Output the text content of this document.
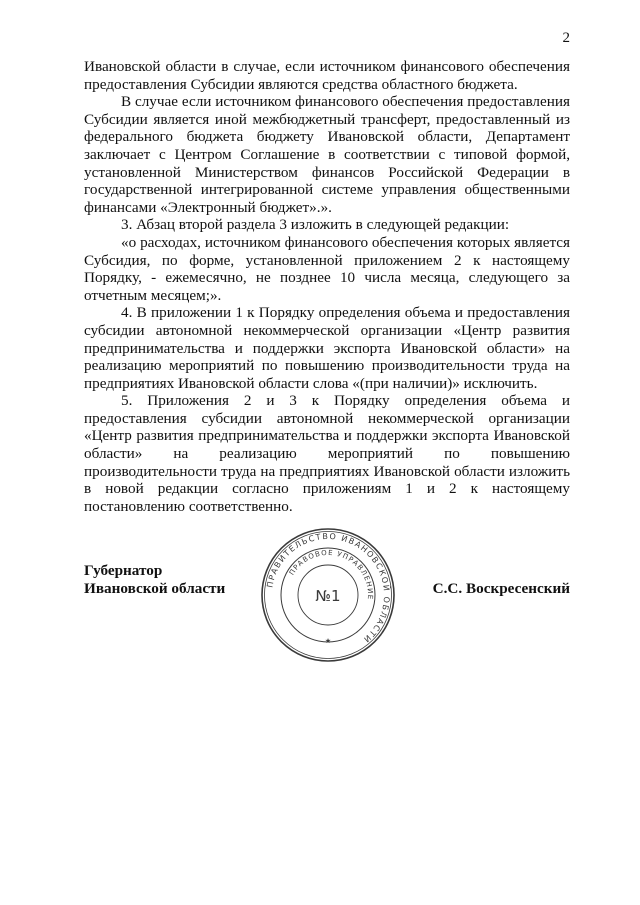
2

Ивановской области в случае, если источником финансового обеспечения предоставления Субсидии являются средства областного бюджета.

В случае если источником финансового обеспечения предоставления Субсидии является иной межбюджетный трансферт, предоставленный из федерального бюджета бюджету Ивановской области, Департамент заключает с Центром Соглашение в соответствии с типовой формой, установленной Министерством финансов Российской Федерации в государственной интегрированной системе управления общественными финансами «Электронный бюджет».».

3. Абзац второй раздела 3 изложить в следующей редакции:

«о расходах, источником финансового обеспечения которых является Субсидия, по форме, установленной приложением 2 к настоящему Порядку, - ежемесячно, не позднее 10 числа месяца, следующего за отчетным месяцем;».

4. В приложении 1 к Порядку определения объема и предоставления субсидии автономной некоммерческой организации «Центр развития предпринимательства и поддержки экспорта Ивановской области» на реализацию мероприятий по повышению производительности труда на предприятиях Ивановской области слова «(при наличии)» исключить.

5. Приложения 2 и 3 к Порядку определения объема и предоставления субсидии автономной некоммерческой организации «Центр развития предпринимательства и поддержки экспорта Ивановской области» на реализацию мероприятий по повышению производительности труда на предприятиях Ивановской области изложить в новой редакции согласно приложениям 1 и 2 к настоящему постановлению соответственно.

Губернатор
Ивановской области	С.С. Воскресенский
ПРАВИТЕЛЬСТВО ИВАНОВСКОЙ ОБЛАСТИ
ПРАВОВОЕ УПРАВЛЕНИЕ
№1
★
